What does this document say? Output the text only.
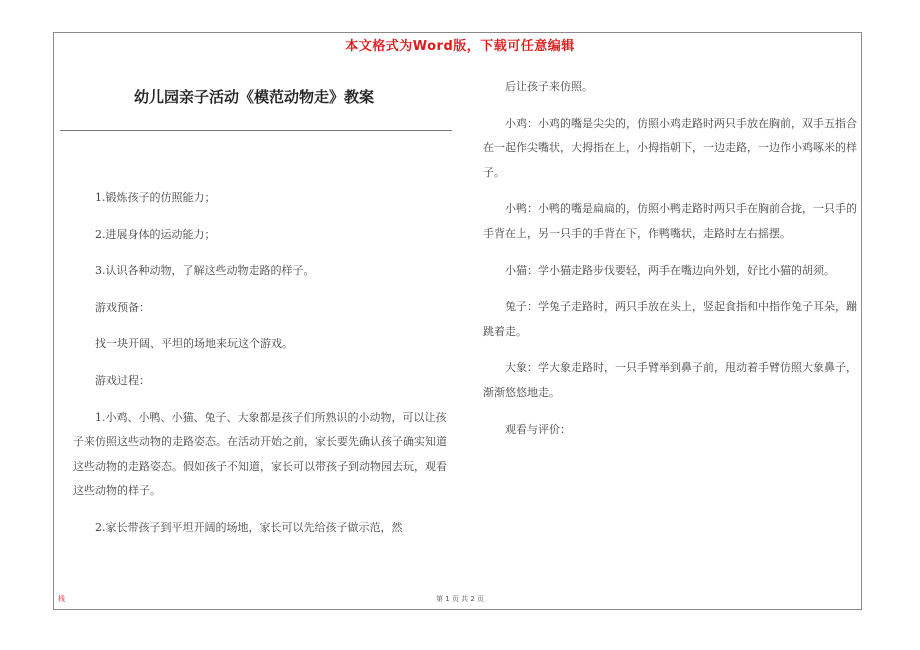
本文格式为Word版，下载可任意编辑
幼儿园亲子活动《模范动物走》教案

1.锻炼孩子的仿照能力；

2.进展身体的运动能力；

3.认识各种动物，了解这些动物走路的样子。

游戏预备：

找一块开阔、平坦的场地来玩这个游戏。

游戏过程：

1.小鸡、小鸭、小猫、兔子、大象都是孩子们所熟识的小动物，可以让孩子来仿照这些动物的走路姿态。在活动开始之前，家长要先确认孩子确实知道这些动物的走路姿态。假如孩子不知道，家长可以带孩子到动物园去玩，观看这些动物的样子。

2.家长带孩子到平坦开阔的场地，家长可以先给孩子做示范，然

后让孩子来仿照。

小鸡：小鸡的嘴是尖尖的，仿照小鸡走路时两只手放在胸前，双手五指合在一起作尖嘴状，大拇指在上，小拇指朝下，一边走路，一边作小鸡啄米的样子。

小鸭：小鸭的嘴是扁扁的，仿照小鸭走路时两只手在胸前合拢，一只手的手背在上，另一只手的手背在下，作鸭嘴状，走路时左右摇摆。

小猫：学小猫走路步伐要轻，两手在嘴边向外划，好比小猫的胡须。

兔子：学兔子走路时，两只手放在头上，竖起食指和中指作兔子耳朵，蹦跳着走。

大象：学大象走路时，一只手臂举到鼻子前，甩动着手臂仿照大象鼻子，渐渐悠悠地走。

观看与评价：

栈	第 1 页 共 2 页
